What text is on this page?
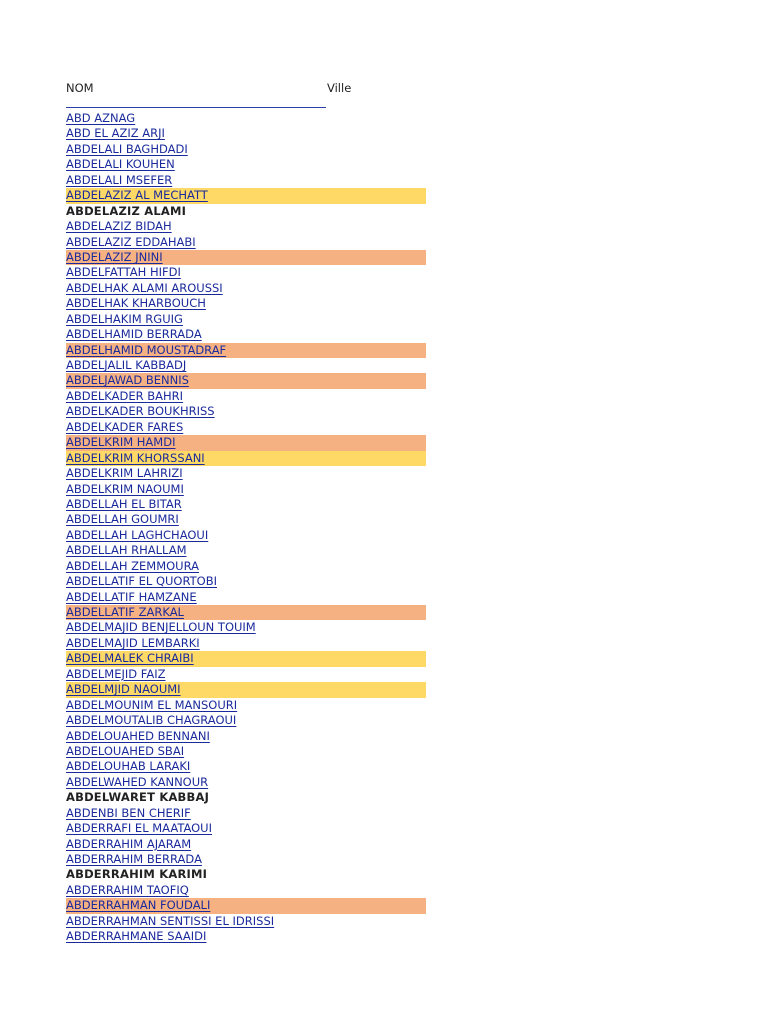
NOM	Ville
ABD AZNAG
ABD EL AZIZ ARJI
ABDELALI BAGHDADI
ABDELALI KOUHEN
ABDELALI MSEFER
ABDELAZIZ AL MECHATT
ABDELAZIZ ALAMI
ABDELAZIZ BIDAH
ABDELAZIZ EDDAHABI
ABDELAZIZ JNINI
ABDELFATTAH HIFDI
ABDELHAK ALAMI AROUSSI
ABDELHAK KHARBOUCH
ABDELHAKIM RGUIG
ABDELHAMID BERRADA
ABDELHAMID MOUSTADRAF
ABDELJALIL KABBADJ
ABDELJAWAD BENNIS
ABDELKADER BAHRI
ABDELKADER BOUKHRISS
ABDELKADER FARES
ABDELKRIM HAMDI
ABDELKRIM KHORSSANI
ABDELKRIM LAHRIZI
ABDELKRIM NAOUMI
ABDELLAH EL BITAR
ABDELLAH GOUMRI
ABDELLAH LAGHCHAOUI
ABDELLAH RHALLAM
ABDELLAH ZEMMOURA
ABDELLATIF EL QUORTOBI
ABDELLATIF HAMZANE
ABDELLATIF ZARKAL
ABDELMAJID BENJELLOUN TOUIM
ABDELMAJID LEMBARKI
ABDELMALEK CHRAIBI
ABDELMEJID FAIZ
ABDELMJID NAOUMI
ABDELMOUNIM EL MANSOURI
ABDELMOUTALIB CHAGRAOUI
ABDELOUAHED BENNANI
ABDELOUAHED SBAI
ABDELOUHAB LARAKI
ABDELWAHED KANNOUR
ABDELWARET KABBAJ
ABDENBI BEN CHERIF
ABDERRAFI EL MAATAOUI
ABDERRAHIM AJARAM
ABDERRAHIM BERRADA
ABDERRAHIM KARIMI
ABDERRAHIM TAOFIQ
ABDERRAHMAN FOUDALI
ABDERRAHMAN SENTISSI EL IDRISSI
ABDERRAHMANE SAAIDI
